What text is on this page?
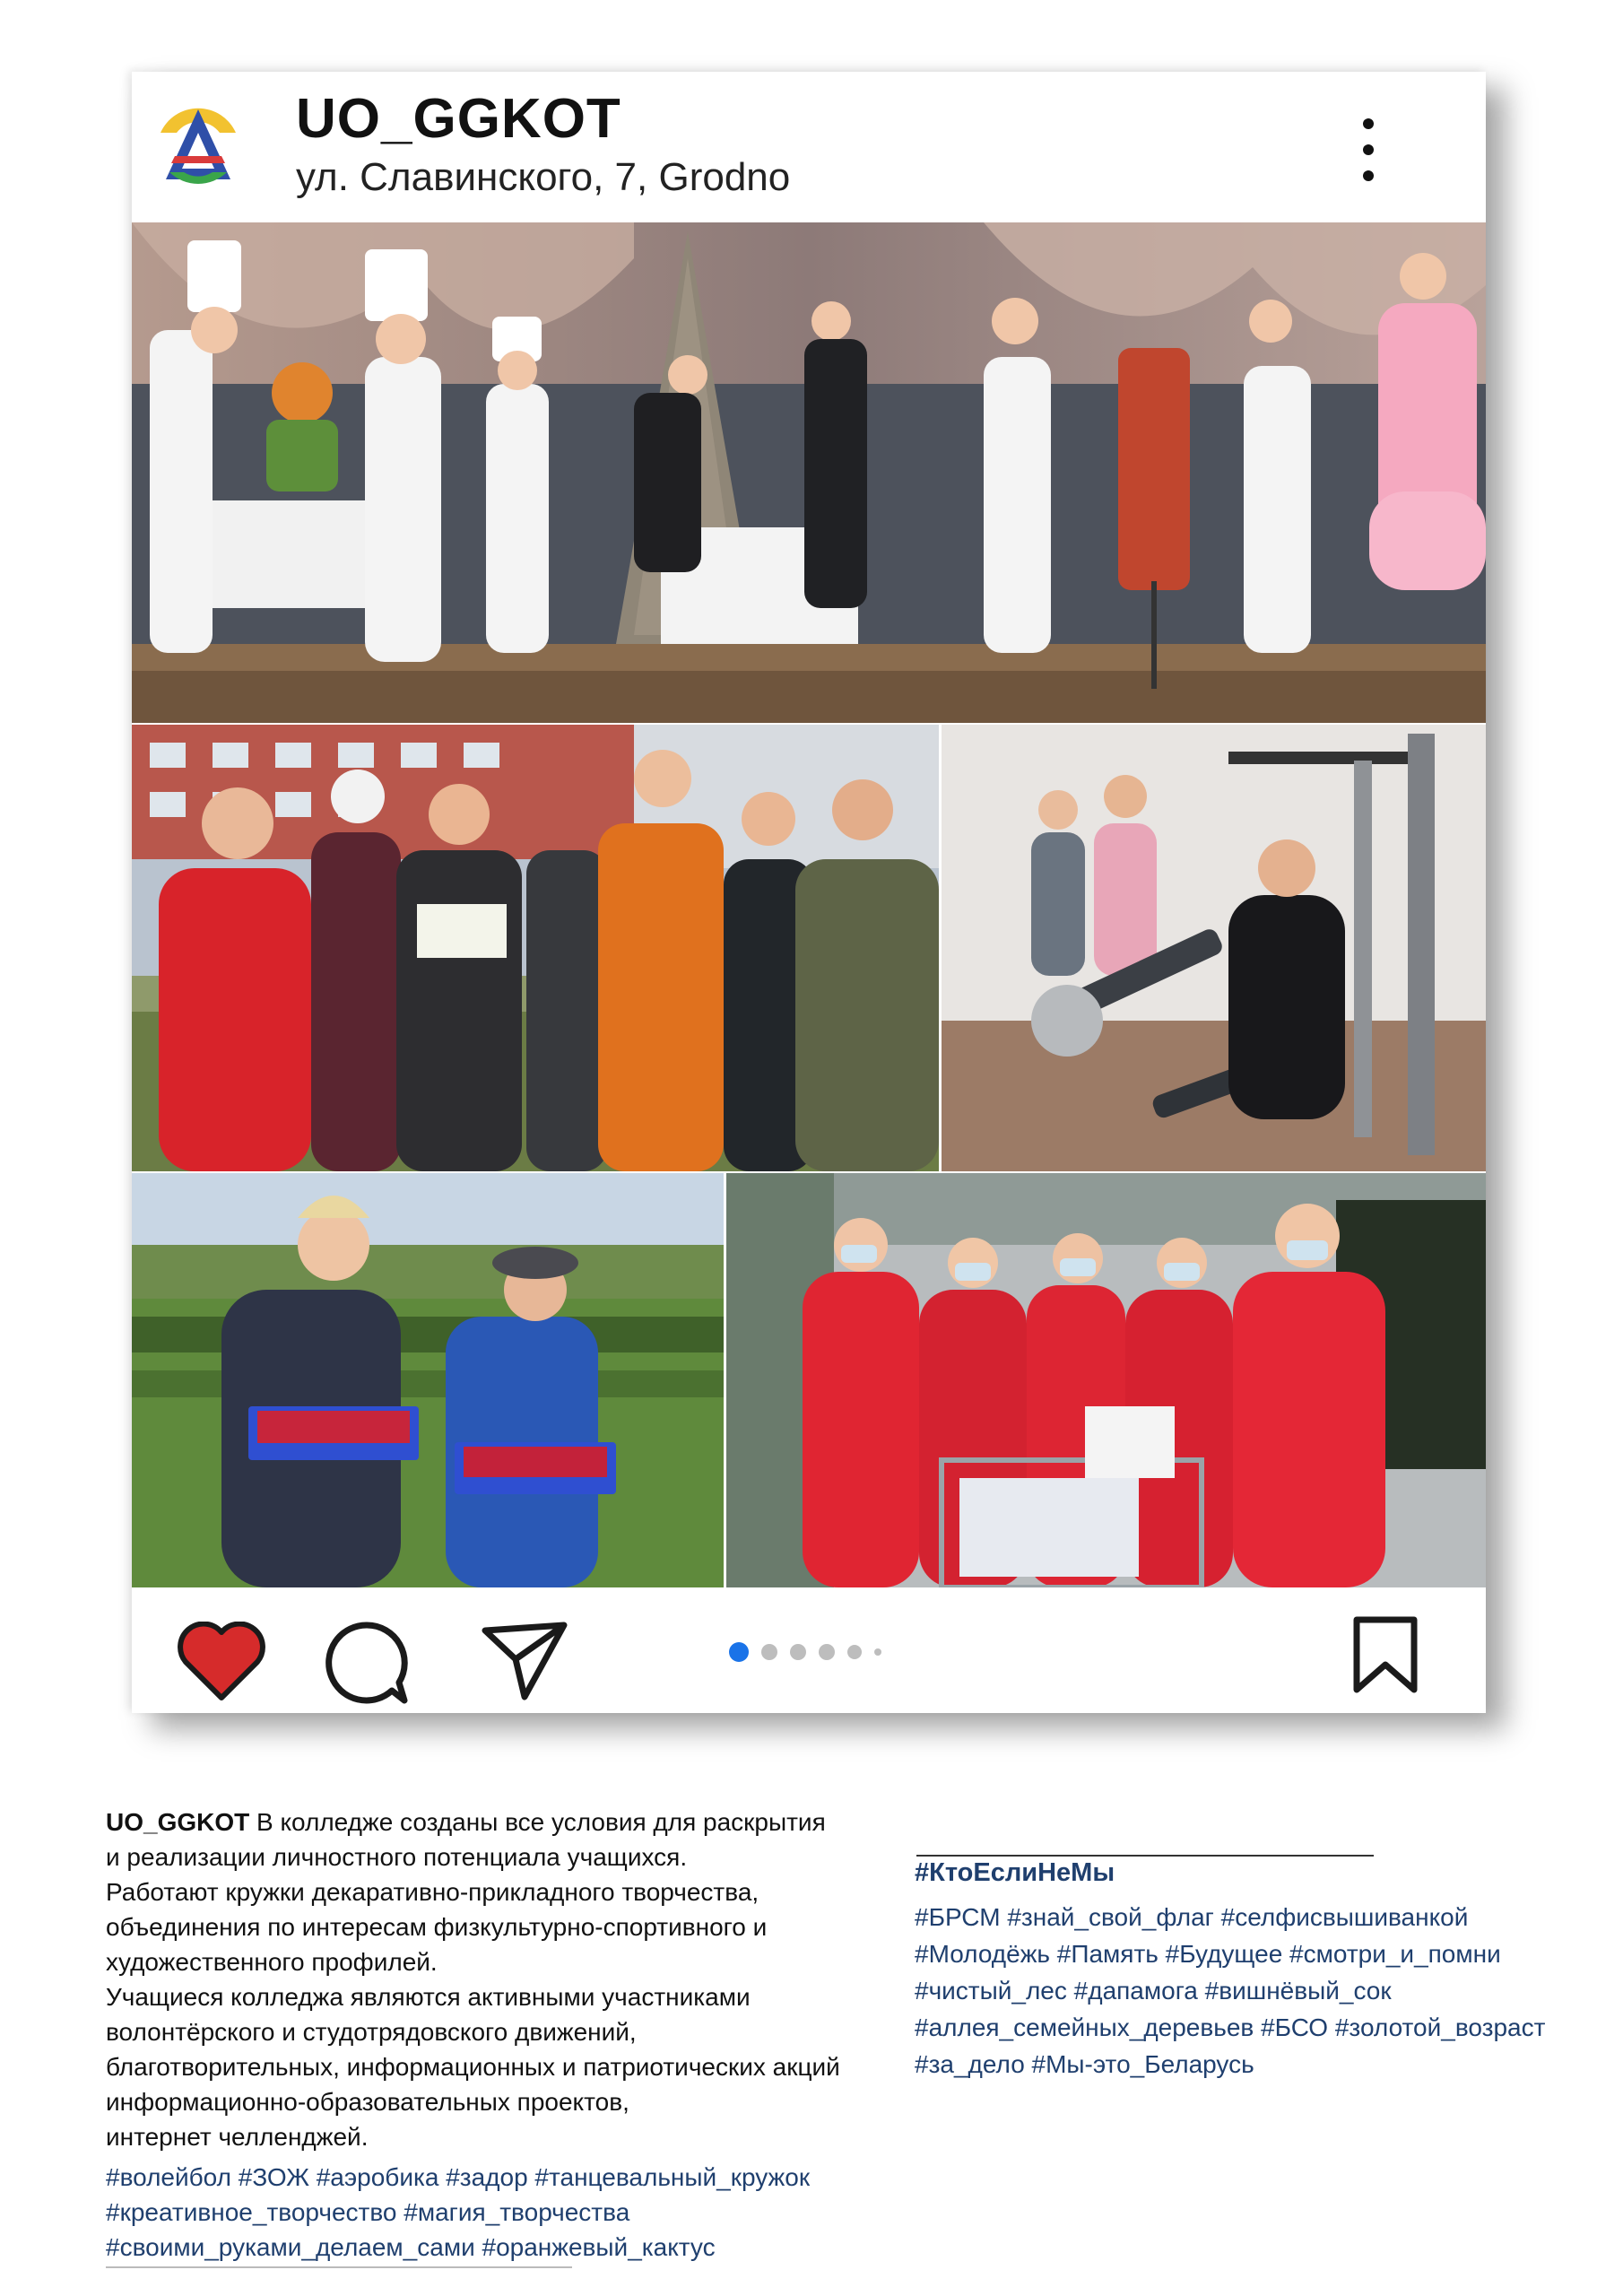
UO_GGKOT
ул. Славинского, 7, Grodno

UO_GGKOT В колледже созданы все условия для раскрытия

и реализации личностного потенциала учащихся.

Работают кружки декаративно-прикладного творчества,

объединения по интересам физкультурно-спортивного и

художественного профилей.

Учащиеся колледжа являются активными участниками

волонтёрского и студотрядовского движений,

благотворительных, информационных и патриотических акций

информационно-образовательных проектов,

интернет челленджей.

#волейбол #ЗОЖ #аэробика #задор #танцевальный_кружок

#креативное_творчество #магия_творчества

#своими_руками_делаем_сами #оранжевый_кактус

#КтоЕслиНеМы
#БРСМ #знай_свой_флаг #селфисвышиванкой
#Молодёжь #Память #Будущее #смотри_и_помни
#чистый_лес #дапамога #вишнёвый_сок
#аллея_семейных_деревьев #БСО #золотой_возраст
#за_дело #Мы-это_Беларусь
